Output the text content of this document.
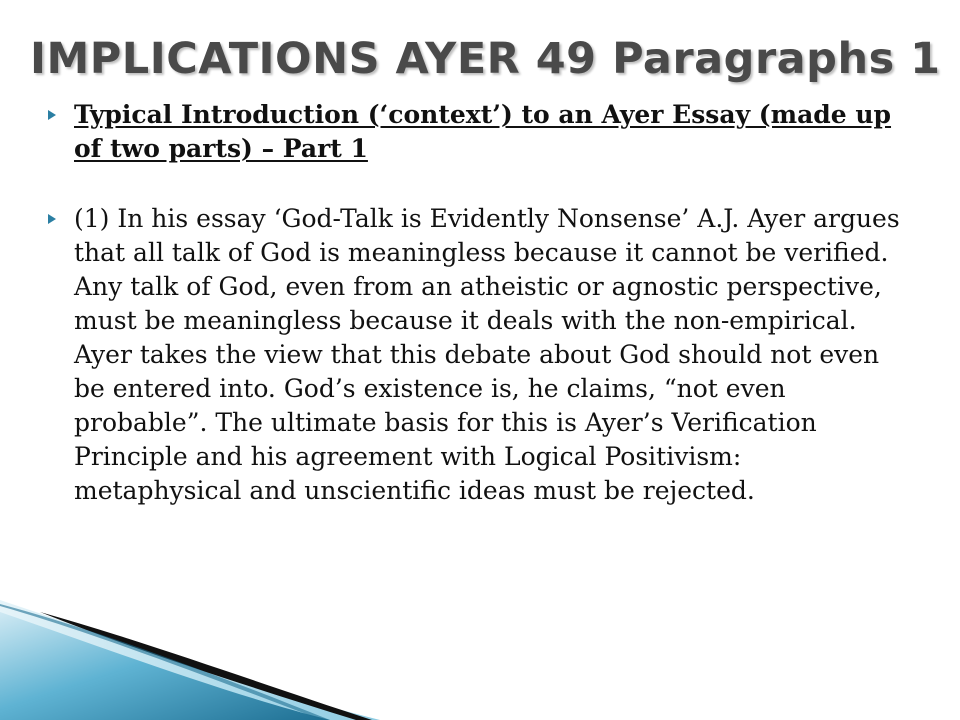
IMPLICATIONS AYER 49 Paragraphs 1
Typical Introduction (‘context’) to an Ayer Essay (made up of two parts) – Part 1
(1) In his essay ‘God-Talk is Evidently Nonsense’ A.J. Ayer argues that all talk of God is meaningless because it cannot be verified. Any talk of God, even from an atheistic or agnostic perspective, must be meaningless because it deals with the non-empirical. Ayer takes the view that this debate about God should not even be entered into. God’s existence is, he claims, “not even probable”. The ultimate basis for this is Ayer’s Verification Principle and his agreement with Logical Positivism: metaphysical and unscientific ideas must be rejected.
